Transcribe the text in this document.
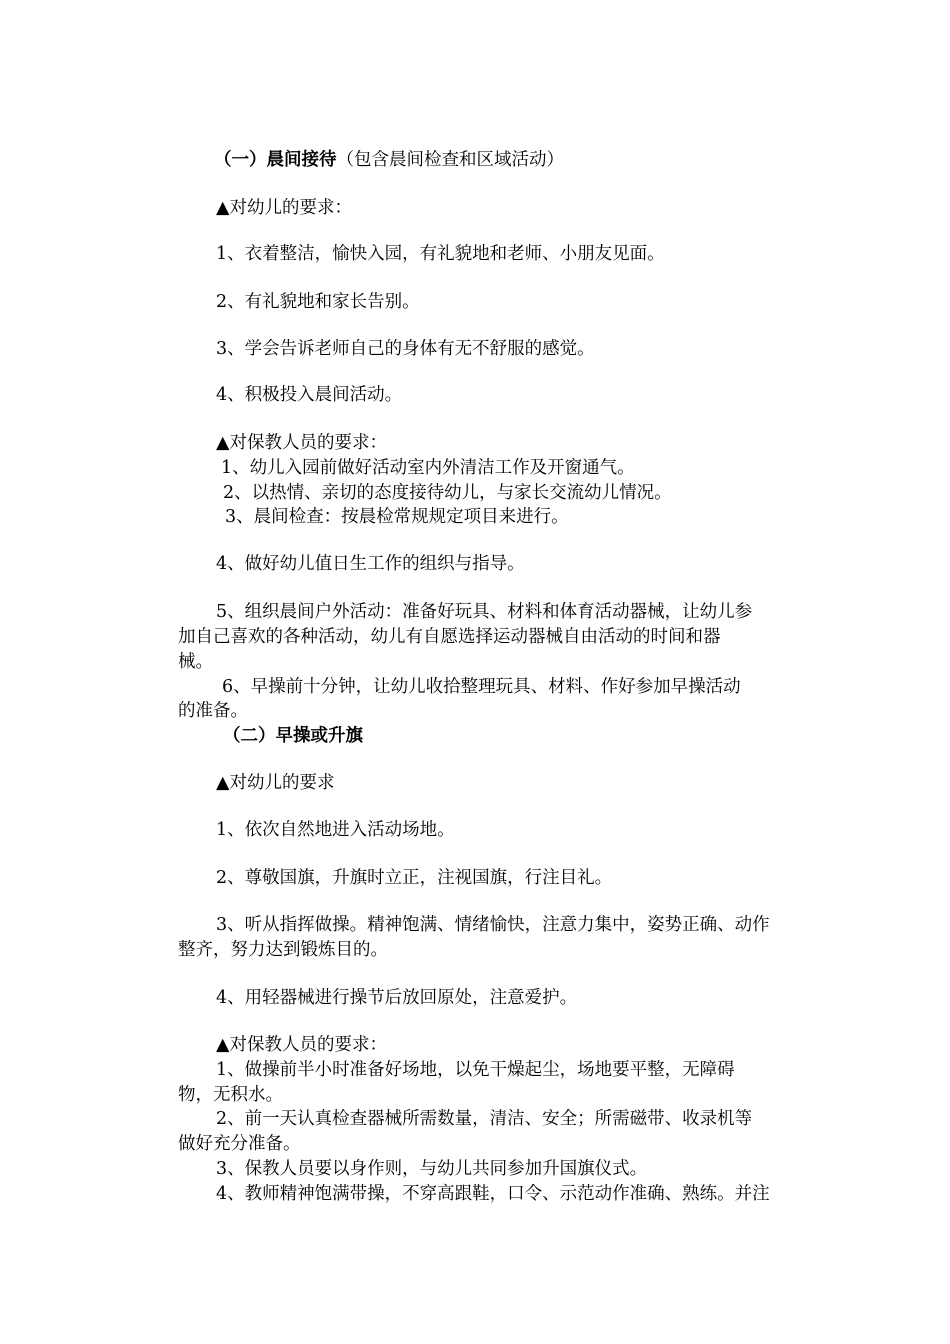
（一）晨间接待（包含晨间检查和区域活动）
▲对幼儿的要求：
1、衣着整洁，愉快入园，有礼貌地和老师、小朋友见面。
2、有礼貌地和家长告别。
3、学会告诉老师自己的身体有无不舒服的感觉。
4、积极投入晨间活动。
▲对保教人员的要求：
1、幼儿入园前做好活动室内外清洁工作及开窗通气。
2、以热情、亲切的态度接待幼儿，与家长交流幼儿情况。
3、晨间检查：按晨检常规规定项目来进行。
4、做好幼儿值日生工作的组织与指导。
5、组织晨间户外活动：准备好玩具、材料和体育活动器械，让幼儿参
加自己喜欢的各种活动，幼儿有自愿选择运动器械自由活动的时间和器
械。
6、早操前十分钟，让幼儿收拾整理玩具、材料、作好参加早操活动
的准备。
（二）早操或升旗
▲对幼儿的要求
1、依次自然地进入活动场地。
2、尊敬国旗，升旗时立正，注视国旗，行注目礼。
3、听从指挥做操。精神饱满、情绪愉快，注意力集中，姿势正确、动作
整齐，努力达到锻炼目的。
4、用轻器械进行操节后放回原处，注意爱护。
▲对保教人员的要求：
1、做操前半小时准备好场地，以免干燥起尘，场地要平整，无障碍
物，无积水。
2、前一天认真检查器械所需数量，清洁、安全；所需磁带、收录机等
做好充分准备。
3、保教人员要以身作则，与幼儿共同参加升国旗仪式。
4、教师精神饱满带操，不穿高跟鞋，口令、示范动作准确、熟练。并注
